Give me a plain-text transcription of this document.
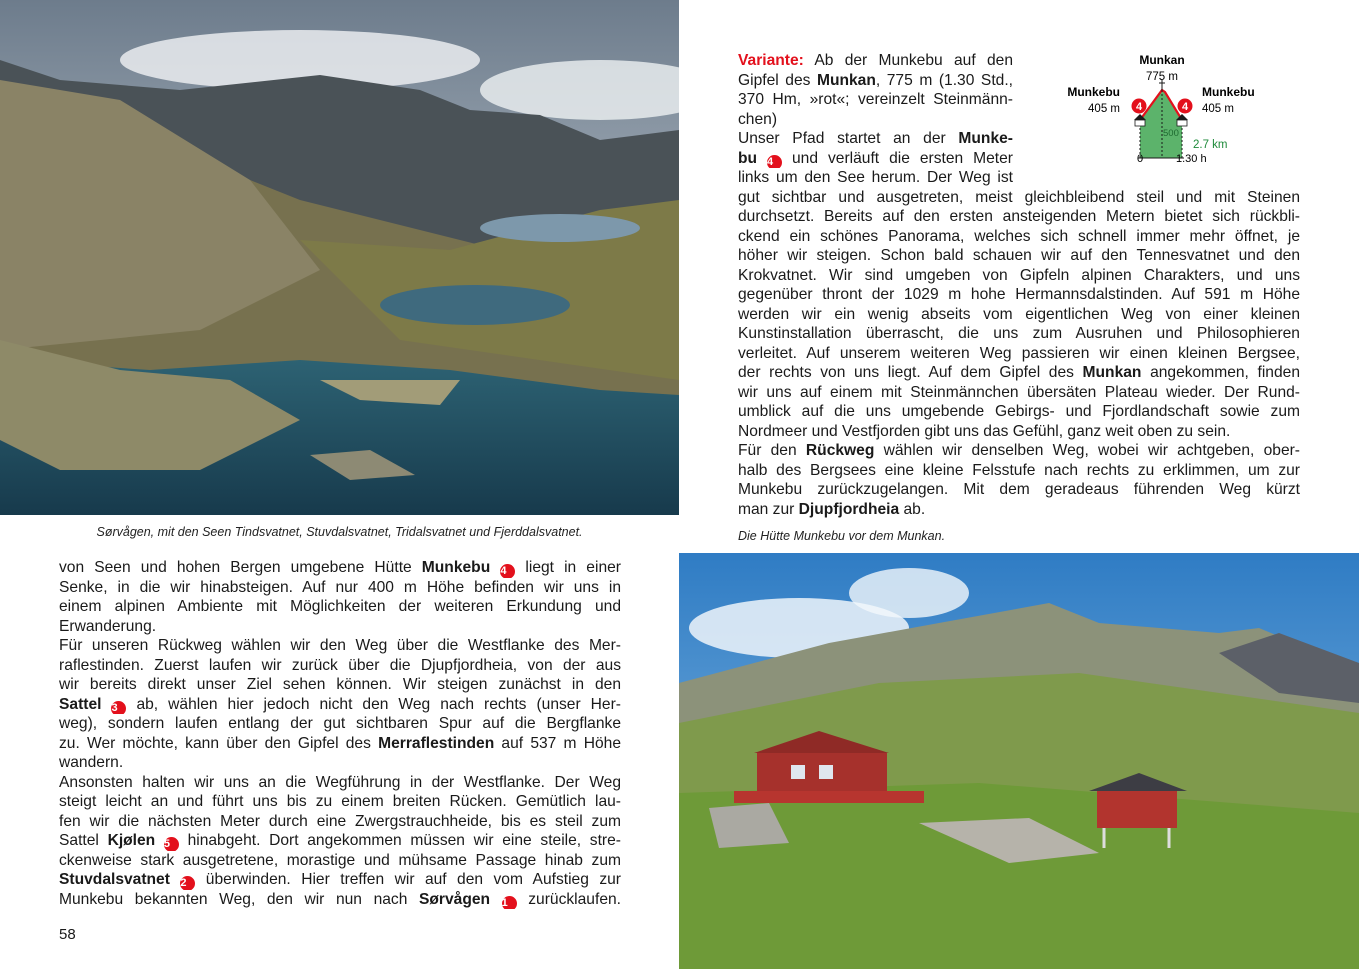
Sørvågen, mit den Seen Tindsvatnet, Stuvdalsvatnet, Tridalsvatnet und Fjerddalsvatnet.
von Seen und hohen Bergen umgebene Hütte Munkebu 4 liegt in einer
Senke, in die wir hinabsteigen. Auf nur 400 m Höhe befinden wir uns in
einem alpinen Ambiente mit Möglichkeiten der weiteren Erkundung und
Erwanderung.
Für unseren Rückweg wählen wir den Weg über die Westflanke des Mer-
raflestinden. Zuerst laufen wir zurück über die Djupfjordheia, von der aus
wir bereits direkt unser Ziel sehen können. Wir steigen zunächst in den
Sattel 3 ab, wählen hier jedoch nicht den Weg nach rechts (unser Her-
weg), sondern laufen entlang der gut sichtbaren Spur auf die Bergflanke
zu. Wer möchte, kann über den Gipfel des Merraflestinden auf 537 m Höhe
wandern.
Ansonsten halten wir uns an die Wegführung in der Westflanke. Der Weg
steigt leicht an und führt uns bis zu einem breiten Rücken. Gemütlich lau-
fen wir die nächsten Meter durch eine Zwergstrauchheide, bis es steil zum
Sattel Kjølen 5 hinabgeht. Dort angekommen müssen wir eine steile, stre-
ckenweise stark ausgetretene, morastige und mühsame Passage hinab zum
Stuvdalsvatnet 2 überwinden. Hier treffen wir auf den vom Aufstieg zur
Munkebu bekannten Weg, den wir nun nach Sørvågen 1 zurücklaufen.
58
Variante: Ab der Munkebu auf den
Gipfel des Munkan, 775 m (1.30 Std.,
370 Hm, »rot«; vereinzelt Steinmänn-
chen)
Unser Pfad startet an der Munke-
bu 4 und verläuft die ersten Meter
links um den See herum. Der Weg ist
gut sichtbar und ausgetreten, meist gleichbleibend steil und mit Steinen
durchsetzt. Bereits auf den ersten ansteigenden Metern bietet sich rückbli-
ckend ein schönes Panorama, welches sich schnell immer mehr öffnet, je
höher wir steigen. Schon bald schauen wir auf den Tennesvatnet und den
Krokvatnet. Wir sind umgeben von Gipfeln alpinen Charakters, und uns
gegenüber thront der 1029 m hohe Hermannsdalstinden. Auf 591 m Höhe
werden wir ein wenig abseits vom eigentlichen Weg von einer kleinen
Kunstinstallation überrascht, die uns zum Ausruhen und Philosophieren
verleitet. Auf unserem weiteren Weg passieren wir einen kleinen Bergsee,
der rechts von uns liegt. Auf dem Gipfel des Munkan angekommen, finden
wir uns auf einem mit Steinmännchen übersäten Plateau wieder. Der Rund-
umblick auf die uns umgebende Gebirgs- und Fjordlandschaft sowie zum
Nordmeer und Vestfjorden gibt uns das Gefühl, ganz weit oben zu sein.
Für den Rückweg wählen wir denselben Weg, wobei wir achtgeben, ober-
halb des Bergsees eine kleine Felsstufe nach rechts zu erklimmen, um zur
Munkebu zurückzugelangen. Mit dem geradeaus führenden Weg kürzt
man zur Djupfjordheia ab.
Munkan
775 m
Munkebu
405 m
Munkebu
405 m
4	4
500
2.7 km
0	1.30 h
Die Hütte Munkebu vor dem Munkan.
